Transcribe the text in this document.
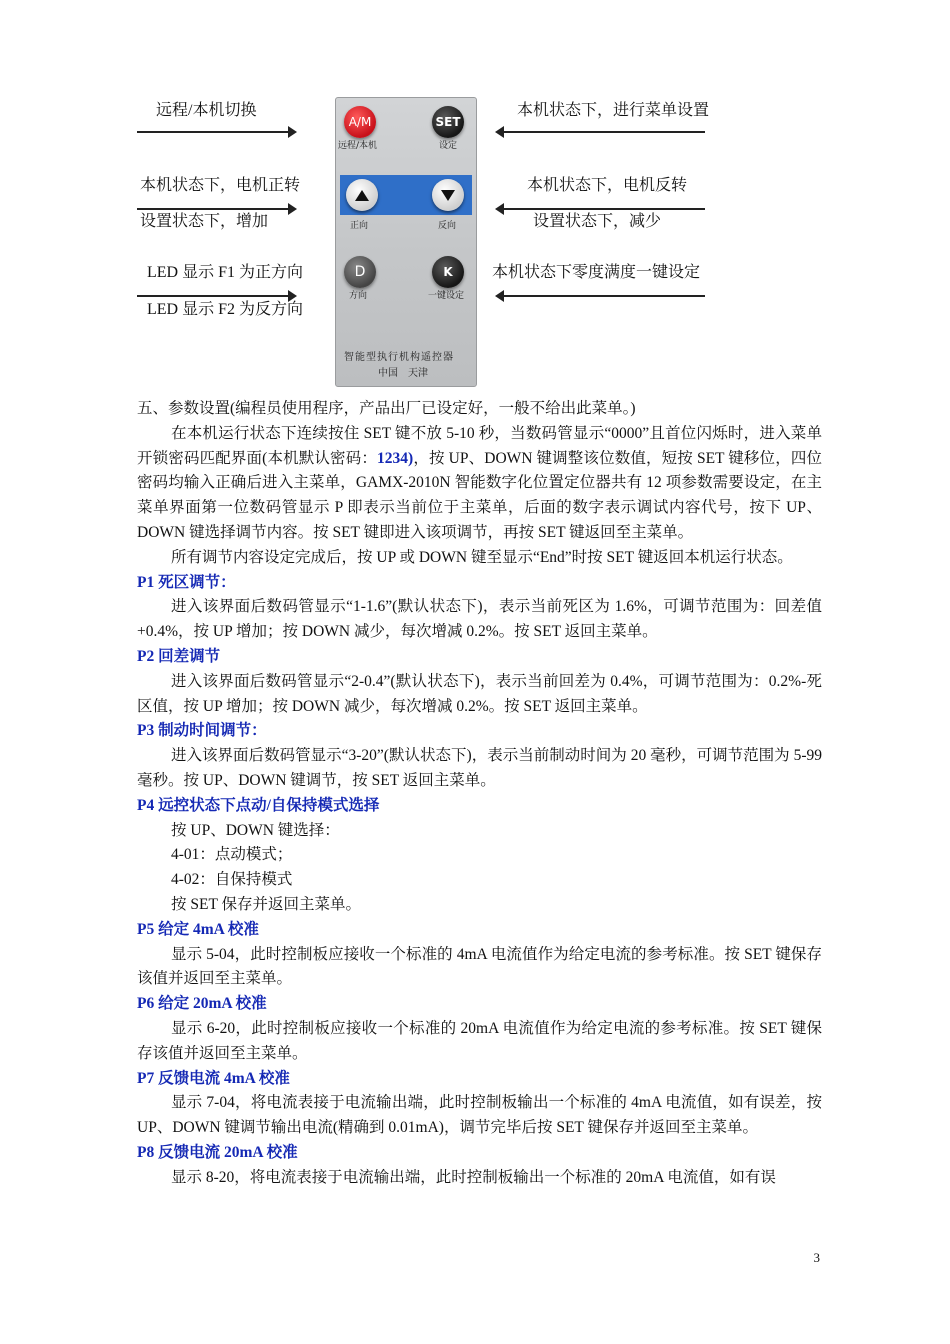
远程/本机切换
本机状态下，电机正转
设置状态下，增加
LED 显示 F1 为正方向
LED 显示 F2 为反方向
本机状态下，进行菜单设置
本机状态下，电机反转
设置状态下，减少
本机状态下零度满度一键设定
A/M
远程/本机
SET
设定
正向	反向
D
方向
K
一键设定
智能型执行机构遥控器
中国　天津

五、参数设置(编程员使用程序，产品出厂已设定好，一般不给出此菜单。)

在本机运行状态下连续按住 SET 键不放 5-10 秒，当数码管显示“0000”且首位闪烁时，进入菜单开锁密码匹配界面(本机默认密码：1234)，按 UP、DOWN 键调整该位数值，短按 SET 键移位，四位密码均输入正确后进入主菜单，GAMX-2010N 智能数字化位置定位器共有 12 项参数需要设定，在主菜单界面第一位数码管显示 P 即表示当前位于主菜单，后面的数字表示调试内容代号，按下 UP、DOWN 键选择调节内容。按 SET 键即进入该项调节，再按 SET 键返回至主菜单。

所有调节内容设定完成后，按 UP 或 DOWN 键至显示“End”时按 SET 键返回本机运行状态。

P1 死区调节：

进入该界面后数码管显示“1-1.6”(默认状态下)，表示当前死区为 1.6%，可调节范围为：回差值+0.4%，按 UP 增加；按 DOWN 减少，每次增减 0.2%。按 SET 返回主菜单。

P2 回差调节

进入该界面后数码管显示“2-0.4”(默认状态下)，表示当前回差为 0.4%，可调节范围为：0.2%-死区值，按 UP 增加；按 DOWN 减少，每次增减 0.2%。按 SET 返回主菜单。

P3 制动时间调节：

进入该界面后数码管显示“3-20”(默认状态下)，表示当前制动时间为 20 毫秒，可调节范围为 5-99 毫秒。按 UP、DOWN 键调节，按 SET 返回主菜单。

P4 远控状态下点动/自保持模式选择

按 UP、DOWN 键选择：

4-01：点动模式；

4-02：自保持模式

按 SET 保存并返回主菜单。

P5 给定 4mA 校准

显示 5-04，此时控制板应接收一个标准的 4mA 电流值作为给定电流的参考标准。按 SET 键保存该值并返回至主菜单。

P6 给定 20mA 校准

显示 6-20，此时控制板应接收一个标准的 20mA 电流值作为给定电流的参考标准。按 SET 键保存该值并返回至主菜单。

P7 反馈电流 4mA 校准

显示 7-04，将电流表接于电流输出端，此时控制板输出一个标准的 4mA 电流值，如有误差，按 UP、DOWN 键调节输出电流(精确到 0.01mA)，调节完毕后按 SET 键保存并返回至主菜单。

P8 反馈电流 20mA 校准

显示 8-20，将电流表接于电流输出端，此时控制板输出一个标准的 20mA 电流值，如有误

3
